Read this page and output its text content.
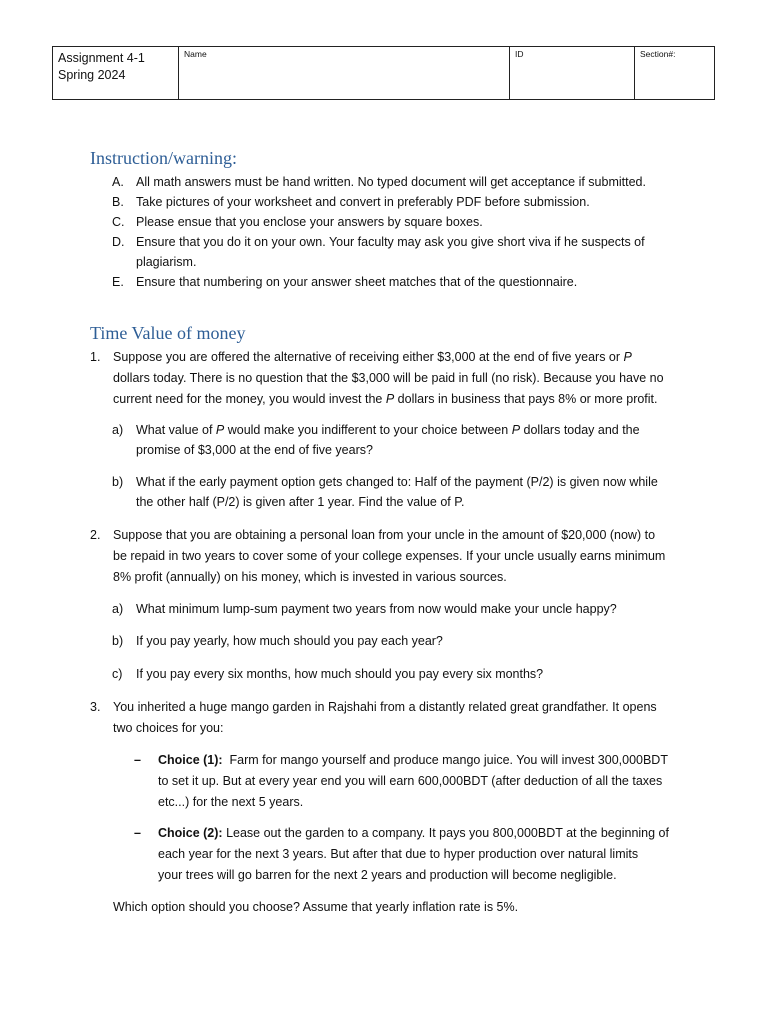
Assignment 4-1
Spring 2024
	Name	ID	Section#:
Instruction/warning:
A. All math answers must be hand written. No typed document will get acceptance if submitted.
B. Take pictures of your worksheet and convert in preferably PDF before submission.
C. Please ensue that you enclose your answers by square boxes.
D. Ensure that you do it on your own. Your faculty may ask you give short viva if he suspects of
plagiarism.
E. Ensure that numbering on your answer sheet matches that of the questionnaire.
Time Value of money
1. Suppose you are offered the alternative of receiving either $3,000 at the end of five years or P
dollars today. There is no question that the $3,000 will be paid in full (no risk). Because you have no
current need for the money, you would invest the P dollars in business that pays 8% or more profit.
a) What value of P would make you indifferent to your choice between P dollars today and the
promise of $3,000 at the end of five years?
b) What if the early payment option gets changed to: Half of the payment (P/2) is given now while
the other half (P/2) is given after 1 year. Find the value of P.
2. Suppose that you are obtaining a personal loan from your uncle in the amount of $20,000 (now) to
be repaid in two years to cover some of your college expenses. If your uncle usually earns minimum
8% profit (annually) on his money, which is invested in various sources.
a) What minimum lump-sum payment two years from now would make your uncle happy?
b) If you pay yearly, how much should you pay each year?
c) If you pay every six months, how much should you pay every six months?
3. You inherited a huge mango garden in Rajshahi from a distantly related great grandfather. It opens
two choices for you:
– Choice (1):  Farm for mango yourself and produce mango juice. You will invest 300,000BDT
to set it up. But at every year end you will earn 600,000BDT (after deduction of all the taxes
etc...) for the next 5 years.
– Choice (2): Lease out the garden to a company. It pays you 800,000BDT at the beginning of
each year for the next 3 years. But after that due to hyper production over natural limits
your trees will go barren for the next 2 years and production will become negligible.
Which option should you choose? Assume that yearly inflation rate is 5%.
